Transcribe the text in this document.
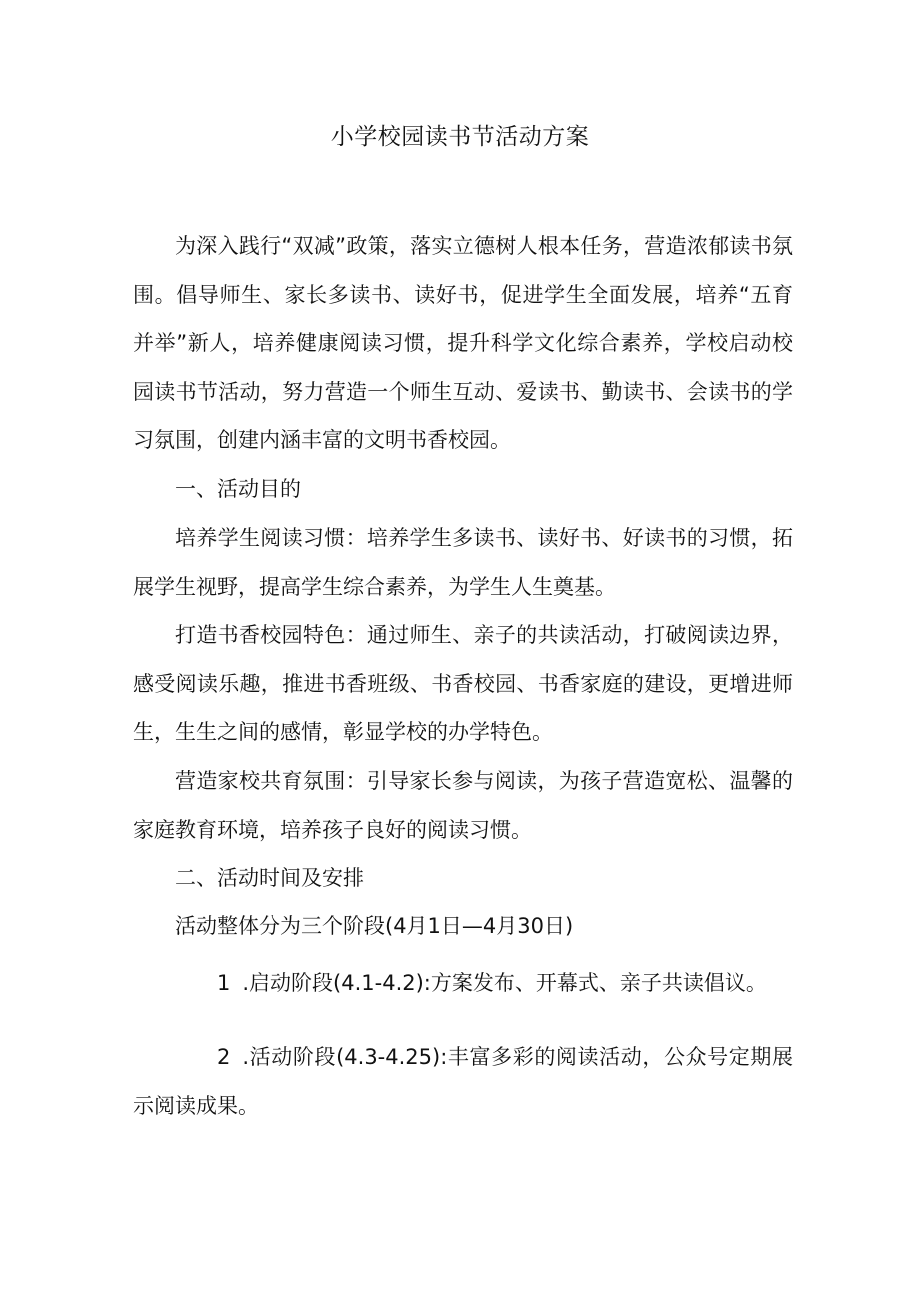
小学校园读书节活动方案

为深入践行“双减”政策，落实立德树人根本任务，营造浓郁读书氛围。倡导师生、家长多读书、读好书，促进学生全面发展，培养“五育并举”新人，培养健康阅读习惯，提升科学文化综合素养，学校启动校园读书节活动，努力营造一个师生互动、爱读书、勤读书、会读书的学习氛围，创建内涵丰富的文明书香校园。

一、活动目的

培养学生阅读习惯：培养学生多读书、读好书、好读书的习惯，拓展学生视野，提高学生综合素养，为学生人生奠基。

打造书香校园特色：通过师生、亲子的共读活动，打破阅读边界，感受阅读乐趣，推进书香班级、书香校园、书香家庭的建设，更增进师生，生生之间的感情，彰显学校的办学特色。

营造家校共育氛围：引导家长参与阅读，为孩子营造宽松、温馨的家庭教育环境，培养孩子良好的阅读习惯。

二、活动时间及安排

活动整体分为三个阶段(4月1日—4月30日)

1 .启动阶段(4.1-4.2):方案发布、开幕式、亲子共读倡议。

2 .活动阶段(4.3-4.25):丰富多彩的阅读活动，公众号定期展示阅读成果。
